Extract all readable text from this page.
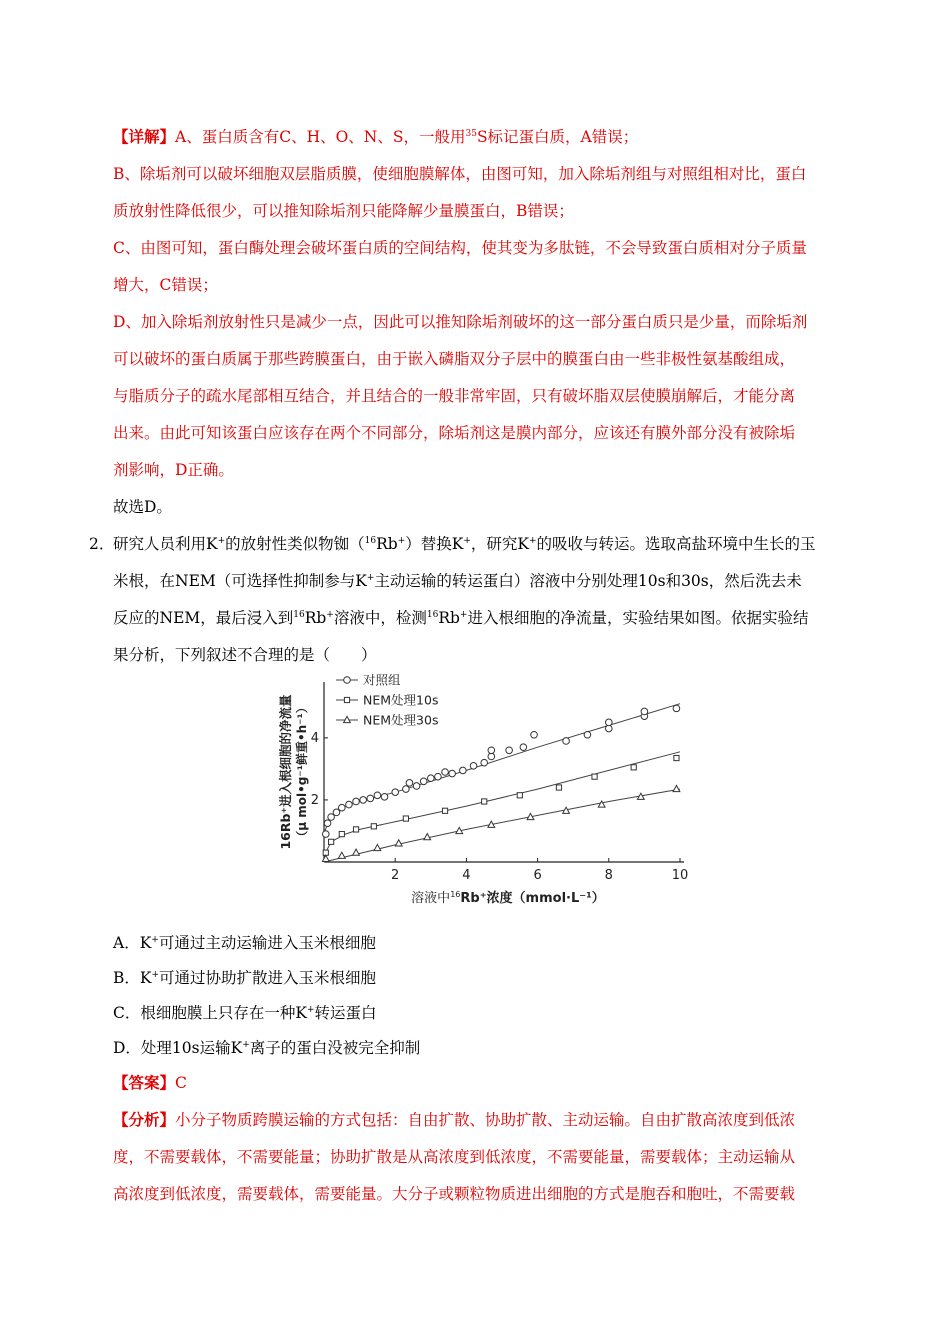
【详解】A、蛋白质含有C、H、O、N、S，一般用$^{35}$S标记蛋白质，A错误；
B、除垢剂可以破坏细胞双层脂质膜，使细胞膜解体，由图可知，加入除垢剂组与对照组相对比，蛋白
质放射性降低很少，可以推知除垢剂只能降解少量膜蛋白，B错误；
C、由图可知，蛋白酶处理会破坏蛋白质的空间结构，使其变为多肽链，不会导致蛋白质相对分子质量
增大，C错误；
D、加入除垢剂放射性只是减少一点，因此可以推知除垢剂破坏的这一部分蛋白质只是少量，而除垢剂
可以破坏的蛋白质属于那些跨膜蛋白，由于嵌入磷脂双分子层中的膜蛋白由一些非极性氨基酸组成，
与脂质分子的疏水尾部相互结合，并且结合的一般非常牢固，只有破坏脂双层使膜崩解后，才能分离
出来。由此可知该蛋白应该存在两个不同部分，除垢剂这是膜内部分，应该还有膜外部分没有被除垢
剂影响，D正确。
故选D。
2．
研究人员利用K+的放射性类似物铷（$^{16}$Rb+）替换K+，研究K+的吸收与转运。选取高盐环境中生长的玉
米根，在NEM（可选择性抑制参与K+主动运输的转运蛋白）溶液中分别处理10s和30s，然后洗去未
反应的NEM，最后浸入到$^{16}$Rb+溶液中，检测$^{16}$Rb+进入根细胞的净流量，实验结果如图。依据实验结
果分析，下列叙述不合理的是（　　）
2	4	6	8	10
2
4
对照组
NEM处理10s
NEM处理30s
溶液中$^{16}$Rb⁺浓度（mmol·L⁻¹）
16Rb⁺进入根细胞的净流量 （μ mol•g⁻¹鲜重•h⁻¹）
A．K+可通过主动运输进入玉米根细胞
B．K+可通过协助扩散进入玉米根细胞
C．根细胞膜上只存在一种K+转运蛋白
D．处理10s运输K+离子的蛋白没被完全抑制
【答案】C
【分析】小分子物质跨膜运输的方式包括：自由扩散、协助扩散、主动运输。自由扩散高浓度到低浓
度，不需要载体，不需要能量；协助扩散是从高浓度到低浓度，不需要能量，需要载体；主动运输从
高浓度到低浓度，需要载体，需要能量。大分子或颗粒物质进出细胞的方式是胞吞和胞吐，不需要载
